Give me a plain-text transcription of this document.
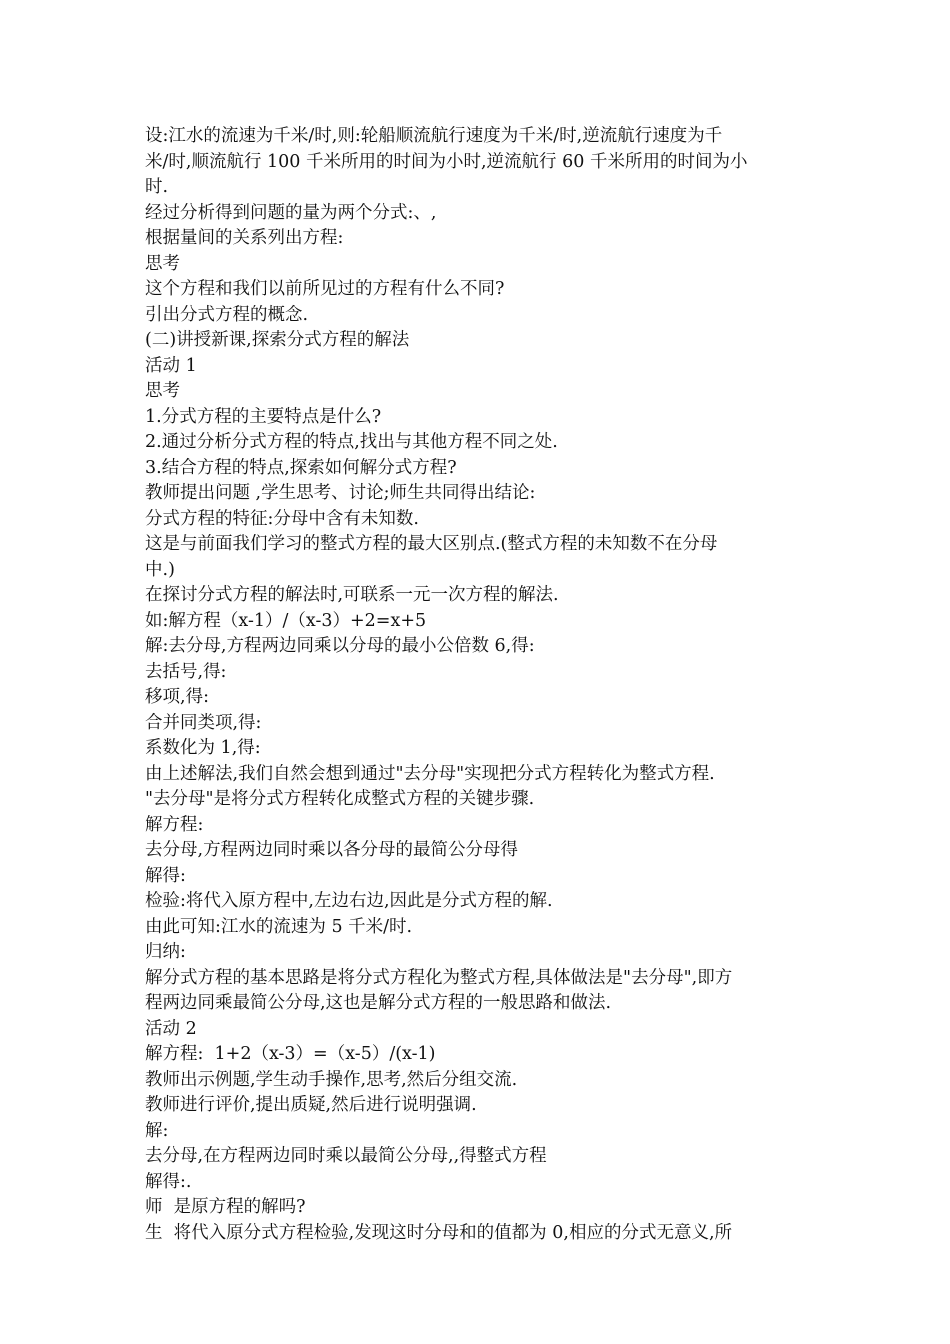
设:江水的流速为千米/时,则:轮船顺流航行速度为千米/时,逆流航行速度为千
米/时,顺流航行 100 千米所用的时间为小时,逆流航行 60 千米所用的时间为小
时.
经过分析得到问题的量为两个分式:、,
根据量间的关系列出方程:
思考
这个方程和我们以前所见过的方程有什么不同?
引出分式方程的概念.
(二)讲授新课,探索分式方程的解法
活动 1
思考
1.分式方程的主要特点是什么?
2.通过分析分式方程的特点,找出与其他方程不同之处.
3.结合方程的特点,探索如何解分式方程?
教师提出问题 ,学生思考、讨论;师生共同得出结论:
分式方程的特征:分母中含有未知数.
这是与前面我们学习的整式方程的最大区别点.(整式方程的未知数不在分母
中.)
在探讨分式方程的解法时,可联系一元一次方程的解法.
如:解方程（x-1）/（x-3）+2=x+5
解:去分母,方程两边同乘以分母的最小公倍数 6,得:
去括号,得:
移项,得:
合并同类项,得:
系数化为 1,得:
由上述解法,我们自然会想到通过"去分母"实现把分式方程转化为整式方程.
"去分母"是将分式方程转化成整式方程的关键步骤.
解方程:
去分母,方程两边同时乘以各分母的最简公分母得
解得:
检验:将代入原方程中,左边右边,因此是分式方程的解.
由此可知:江水的流速为 5 千米/时.
归纳:
解分式方程的基本思路是将分式方程化为整式方程,具体做法是"去分母",即方
程两边同乘最简公分母,这也是解分式方程的一般思路和做法.
活动 2
解方程:  1+2（x-3）=（x-5）/(x-1)
教师出示例题,学生动手操作,思考,然后分组交流.
教师进行评价,提出质疑,然后进行说明强调.
解:
去分母,在方程两边同时乘以最简公分母,,得整式方程
解得:.
师  是原方程的解吗?
生  将代入原分式方程检验,发现这时分母和的值都为 0,相应的分式无意义,所
